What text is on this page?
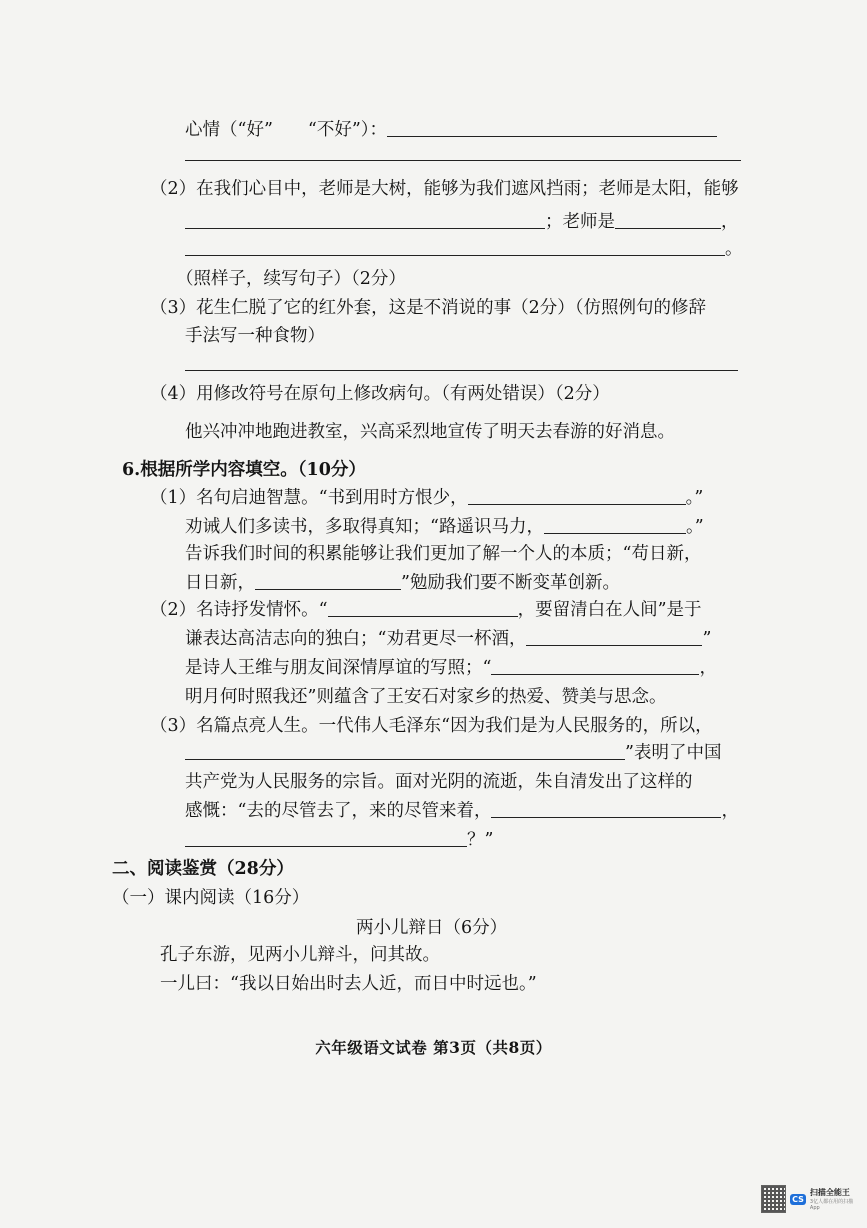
心情（“好”　　“不好”）：
（2）在我们心目中，老师是大树，能够为我们遮风挡雨；老师是太阳，能够
；老师是	，
。
（照样子，续写句子）（2分）
（3）花生仁脱了它的红外套，这是不消说的事（2分）（仿照例句的修辞
手法写一种食物）
（4）用修改符号在原句上修改病句。（有两处错误）（2分）
他兴冲冲地跑进教室，兴高采烈地宣传了明天去春游的好消息。
6.根据所学内容填空。（10分）
（1）名句启迪智慧。“书到用时方恨少，	。”
劝诫人们多读书，多取得真知；“路遥识马力，	。”
告诉我们时间的积累能够让我们更加了解一个人的本质；“苟日新，
日日新，	”勉励我们要不断变革创新。
（2）名诗抒发情怀。“	，要留清白在人间”是于
谦表达高洁志向的独白；“劝君更尽一杯酒，	”
是诗人王维与朋友间深情厚谊的写照；“	，
明月何时照我还”则蕴含了王安石对家乡的热爱、赞美与思念。
（3）名篇点亮人生。一代伟人毛泽东“因为我们是为人民服务的，所以，
”表明了中国
共产党为人民服务的宗旨。面对光阴的流逝，朱自清发出了这样的
感慨：“去的尽管去了，来的尽管来着，	，
？”
二、阅读鉴赏（28分）
（一）课内阅读（16分）
两小儿辩日（6分）
孔子东游，见两小儿辩斗，问其故。
一儿曰：“我以日始出时去人近，而日中时远也。”
六年级语文试卷 第3页（共8页）
CS
扫描全能王
3亿人都在用的扫描App
